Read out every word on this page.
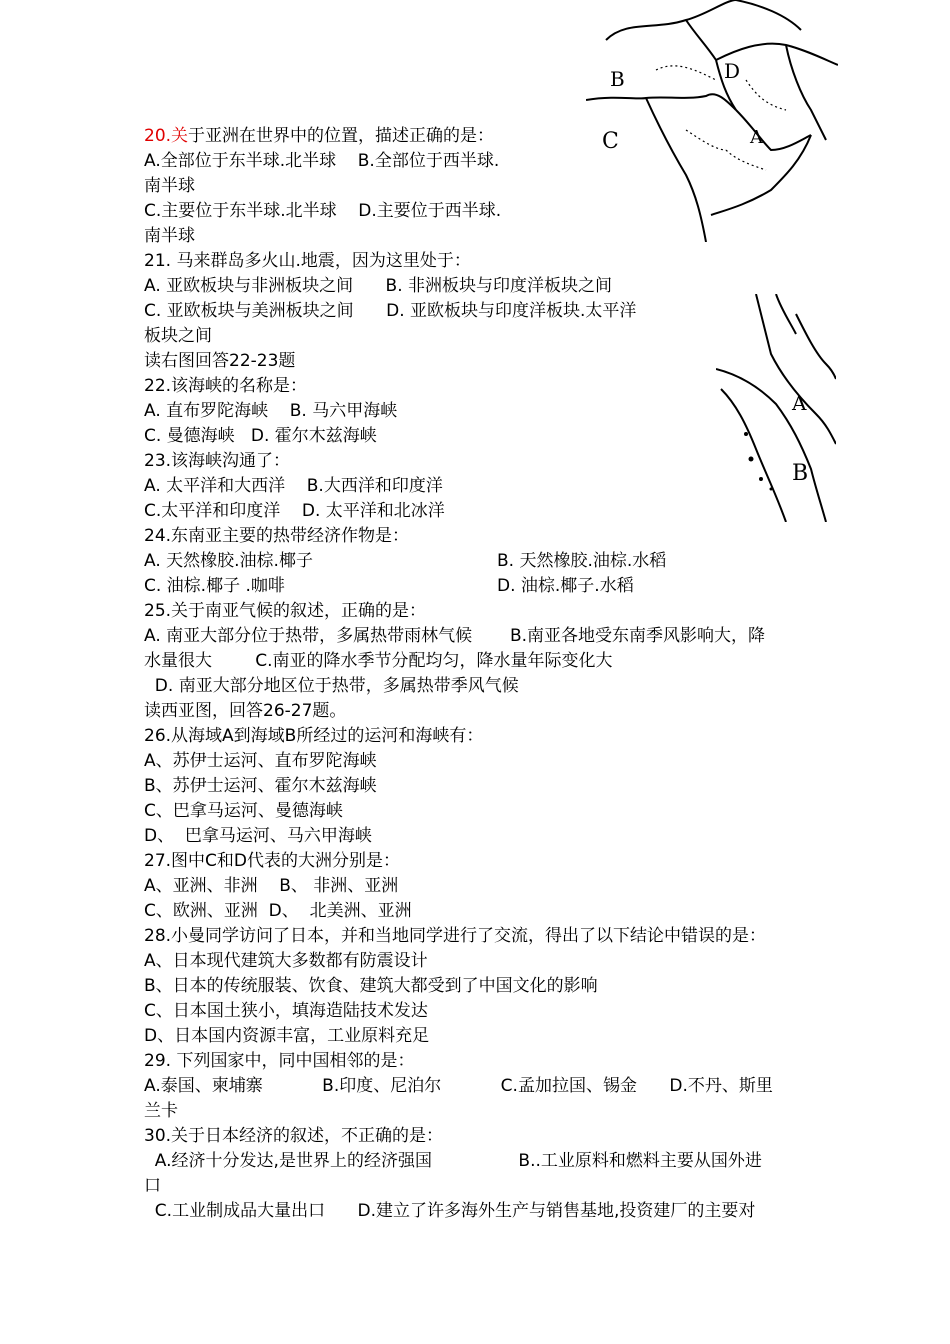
B	D
C	A
A
B
20.关于亚洲在世界中的位置，描述正确的是：
A.全部位于东半球.北半球    B.全部位于西半球.
南半球
C.主要位于东半球.北半球    D.主要位于西半球.
南半球
21. 马来群岛多火山.地震，因为这里处于：
A. 亚欧板块与非洲板块之间      B. 非洲板块与印度洋板块之间
C. 亚欧板块与美洲板块之间      D. 亚欧板块与印度洋板块.太平洋
板块之间
读右图回答22-23题
22.该海峡的名称是：
A. 直布罗陀海峡    B. 马六甲海峡
C. 曼德海峡   D. 霍尔木兹海峡
23.该海峡沟通了：
A. 太平洋和大西洋    B.大西洋和印度洋
C.太平洋和印度洋    D. 太平洋和北冰洋
24.东南亚主要的热带经济作物是：
A. 天然橡胶.油棕.椰子	B. 天然橡胶.油棕.水稻
C. 油棕.椰子 .咖啡	D. 油棕.椰子.水稻
25.关于南亚气候的叙述，正确的是：
A. 南亚大部分位于热带，多属热带雨林气候       B.南亚各地受东南季风影响大，降
水量很大        C.南亚的降水季节分配均匀，降水量年际变化大
D. 南亚大部分地区位于热带，多属热带季风气候
读西亚图，回答26-27题。
26.从海域A到海域B所经过的运河和海峡有：
A、苏伊士运河、直布罗陀海峡
B、苏伊士运河、霍尔木兹海峡
C、巴拿马运河、曼德海峡
D、  巴拿马运河、马六甲海峡
27.图中C和D代表的大洲分别是：
A、亚洲、非洲    B、 非洲、亚洲
C、欧洲、亚洲  D、  北美洲、亚洲
28.小曼同学访问了日本，并和当地同学进行了交流，得出了以下结论中错误的是：
A、日本现代建筑大多数都有防震设计
B、日本的传统服装、饮食、建筑大都受到了中国文化的影响
C、日本国土狭小，填海造陆技术发达
D、日本国内资源丰富，工业原料充足
29. 下列国家中，同中国相邻的是：
A.泰国、柬埔寨           B.印度、尼泊尔           C.孟加拉国、锡金      D.不丹、斯里
兰卡
30.关于日本经济的叙述，不正确的是：
A.经济十分发达,是世界上的经济强国                B..工业原料和燃料主要从国外进
口
C.工业制成品大量出口      D.建立了许多海外生产与销售基地,投资建厂的主要对
